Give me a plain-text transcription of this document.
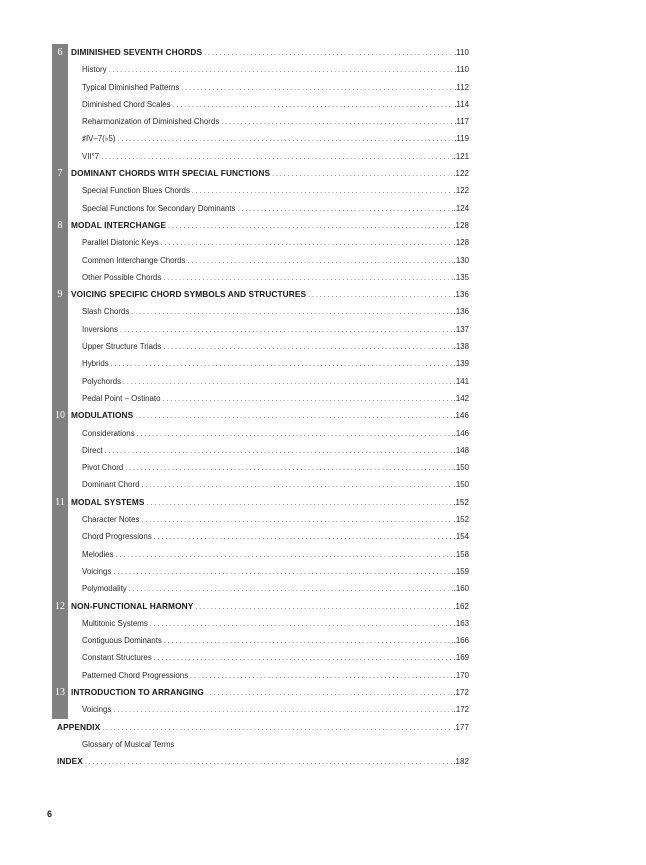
6	DIMINISHED SEVENTH CHORDS . . .	.110
History . . .	.110
Typical Diminished Patterns . . .	.112
Diminished Chord Scales . . .	.114
Reharmonization of Diminished Chords . . .	.117
♯IV–7(♭5) . . .	.119
VII°7 . . .	.121
7	DOMINANT CHORDS WITH SPECIAL FUNCTIONS . . .	.122
Special Function Blues Chords . . .	.122
Special Functions for Secondary Dominants . . .	.124
8	MODAL INTERCHANGE . . .	.128
Parallel Diatonic Keys . . .	.128
Common Interchange Chords . . .	.130
Other Possible Chords . . .	.135
9	VOICING SPECIFIC CHORD SYMBOLS AND STRUCTURES . . .	.136
Slash Chords . . .	.136
Inversions . . .	.137
Upper Structure Triads . . .	.138
Hybrids . . .	.139
Polychords . . .	.141
Pedal Point – Ostinato . . .	.142
10 MODULATIONS . . .	.146
Considerations . . .	.146
Direct . . .	.148
Pivot Chord . . .	.150
Dominant Chord . . .	.150
11 MODAL SYSTEMS . . .	.152
Character Notes . . .	.152
Chord Progressions . . .	.154
Melodies . . .	.158
Voicings . . .	.159
Polymodality . . .	.160
12 NON-FUNCTIONAL HARMONY . . .	.162
Multitonic Systems . . .	.163
Contiguous Dominants . . .	.166
Constant Structures . . .	.169
Patterned Chord Progressions . . .	.170
13 INTRODUCTION TO ARRANGING . . .	.172
Voicings . . .	.172
APPENDIX . . .	.177
Glossary of Musical Terms
INDEX . . .	.182
6
